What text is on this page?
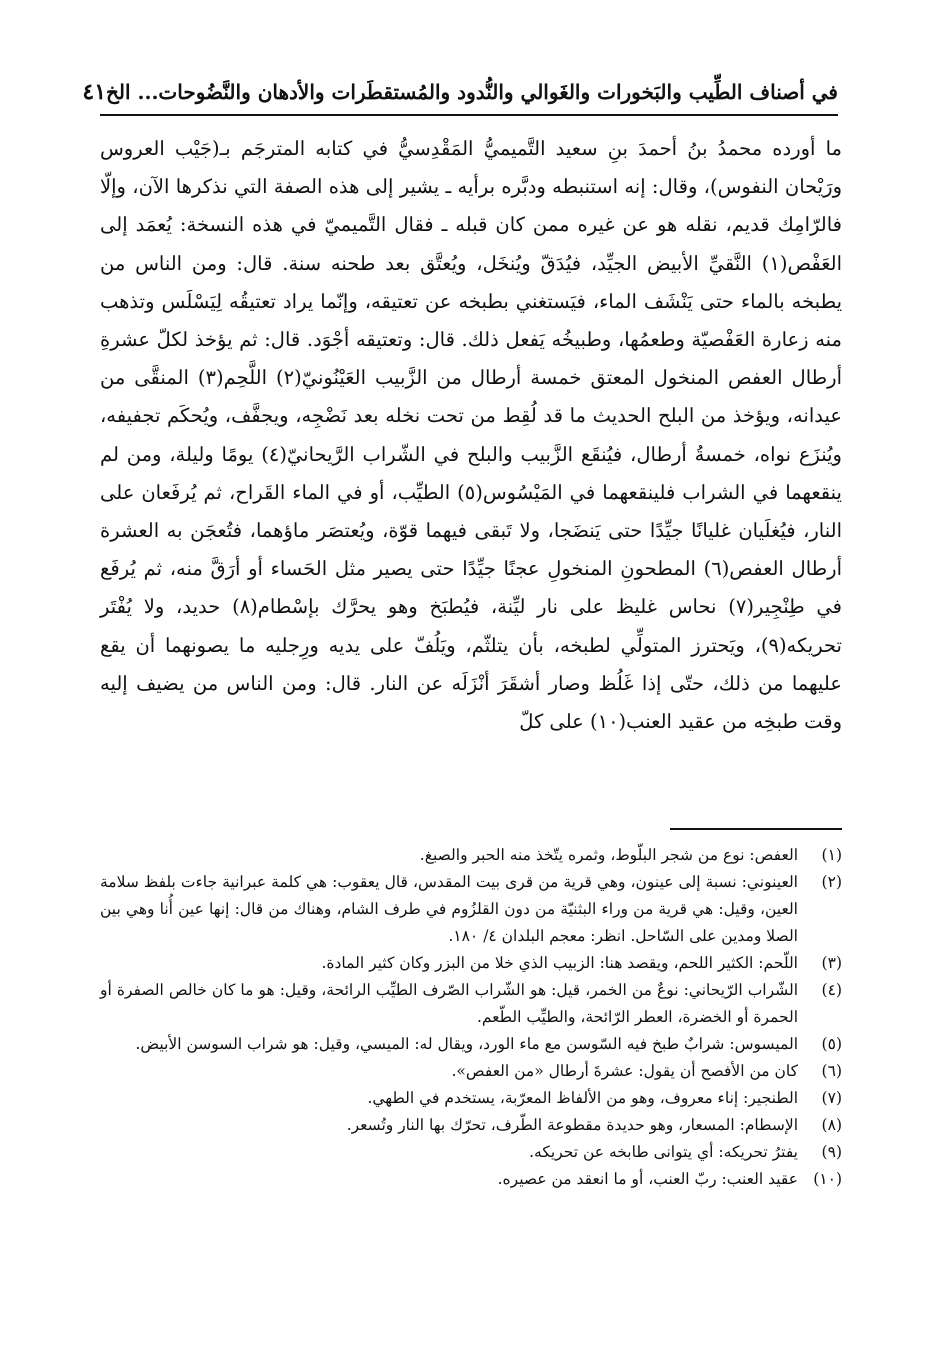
في أصناف الطِّيب والبَخورات والغَوالي والنُّدود والمُستقطَرات والأدهان والنَّضُوحات... الخ
٤١

ما أورده محمدُ بنُ أحمدَ بنِ سعيد التَّميميُّ المَقْدِسيُّ في كتابه المترجَم بـ(جَيْب العروس ورَيْحان النفوس)، وقال: إنه استنبطه ودبَّره برأيه ـ يشير إلى هذه الصفة التي نذكرها الآن، وإلّا فالرّامِك قديم، نقله هو عن غيره ممن كان قبله ـ فقال التَّميميّ في هذه النسخة: يُعمَد إلى العَفْص(١) النَّقيِّ الأبيض الجيِّد، فيُدَقّ ويُنخَل، ويُعتَّق بعد طحنه سنة. قال: ومن الناس من يطبخه بالماء حتى يَنْشَف الماء، فيَستغني بطبخه عن تعتيقه، وإنّما يراد تعتيقُه لِيَسْلَس وتذهب منه زعارة العَفْصيّة وطعمُها، وطبيخُه يَفعل ذلك. قال: وتعتيقه أجْوَد. قال: ثم يؤخذ لكلّ عشرةِ أرطال العفص المنخول المعتق خمسة أرطال من الزَّبيب العَيْنُونيّ(٢) اللَّحِم(٣) المنقَّى من عيدانه، ويؤخذ من البلح الحديث ما قد لُقِط من تحت نخله بعد نَضْجِه، ويجفَّف، ويُحكَم تجفيفه، ويُنزَع نواه، خمسةُ أرطال، فيُنقَع الزَّبيب والبلح في الشّراب الرَّيحانيّ(٤) يومًا وليلة، ومن لم ينقعهما في الشراب فلينقعهما في المَيْسُوس(٥) الطيِّب، أو في الماء القَراح، ثم يُرفَعان على النار، فيُغلَيان غليانًا جيِّدًا حتى يَنضَجا، ولا تَبقى فيهما قوّة، ويُعتصَر ماؤهما، فتُعجَن به العشرة أرطال العفص(٦) المطحونِ المنخولِ عجنًا جيِّدًا حتى يصير مثل الحَساء أو أرَقَّ منه، ثم يُرفَع في طِنْجِير(٧) نحاس غليظ على نار ليِّنة، فيُطبَخ وهو يحرَّك بإسْطام(٨) حديد، ولا يُفْتَر تحريكه(٩)، ويَحترز المتولِّي لطبخه، بأن يتلثّم، ويَلُفّ على يديه ورِجليه ما يصونهما أن يقع عليهما من ذلك، حتّى إذا غَلُظ وصار أشقَرَ أنْزَلَه عن النار. قال: ومن الناس من يضيف إليه وقت طبخِه من عقيد العنب(١٠) على كلّ

(١)
العفص: نوع من شجر البلّوط، وثمره يتّخذ منه الحبر والصبغ.
(٢)
العينوني: نسبة إلى عينون، وهي قرية من قرى بيت المقدس، قال يعقوب: هي كلمة عبرانية جاءت بلفظ سلامة العين، وقيل: هي قرية من وراء البثنيّة من دون القلزُوم في طرف الشام، وهناك من قال: إنها عين أُنا وهي بين الصلا ومدين على السّاحل. انظر: معجم البلدان ٤/ ١٨٠.
(٣)
اللّحم: الكثير اللحم، ويقصد هنا: الزبيب الذي خلا من البزر وكان كثير المادة.
(٤)
الشّراب الرّيحاني: نوعٌ من الخمر، قيل: هو الشّراب الصّرف الطيِّب الرائحة، وقيل: هو ما كان خالص الصفرة أو الحمرة أو الخضرة، العطر الرّائحة، والطيِّب الطّعم.
(٥)
الميسوس: شرابٌ طبخ فيه السّوسن مع ماء الورد، ويقال له: الميسي، وقيل: هو شراب السوسن الأبيض.
(٦)
كان من الأفصح أن يقول: عشرةَ أرطال «من العفص».
(٧)
الطنجير: إناء معروف، وهو من الألفاظ المعرّبة، يستخدم في الطهي.
(٨)
الإسطام: المسعار، وهو حديدة مقطوعة الطّرف، تحرّك بها النار وتُسعر.
(٩)
يفترُ تحريكه: أي يتوانى طابخه عن تحريكه.
(١٠)
عقيد العنب: ربّ العنب، أو ما انعقد من عصيره.
